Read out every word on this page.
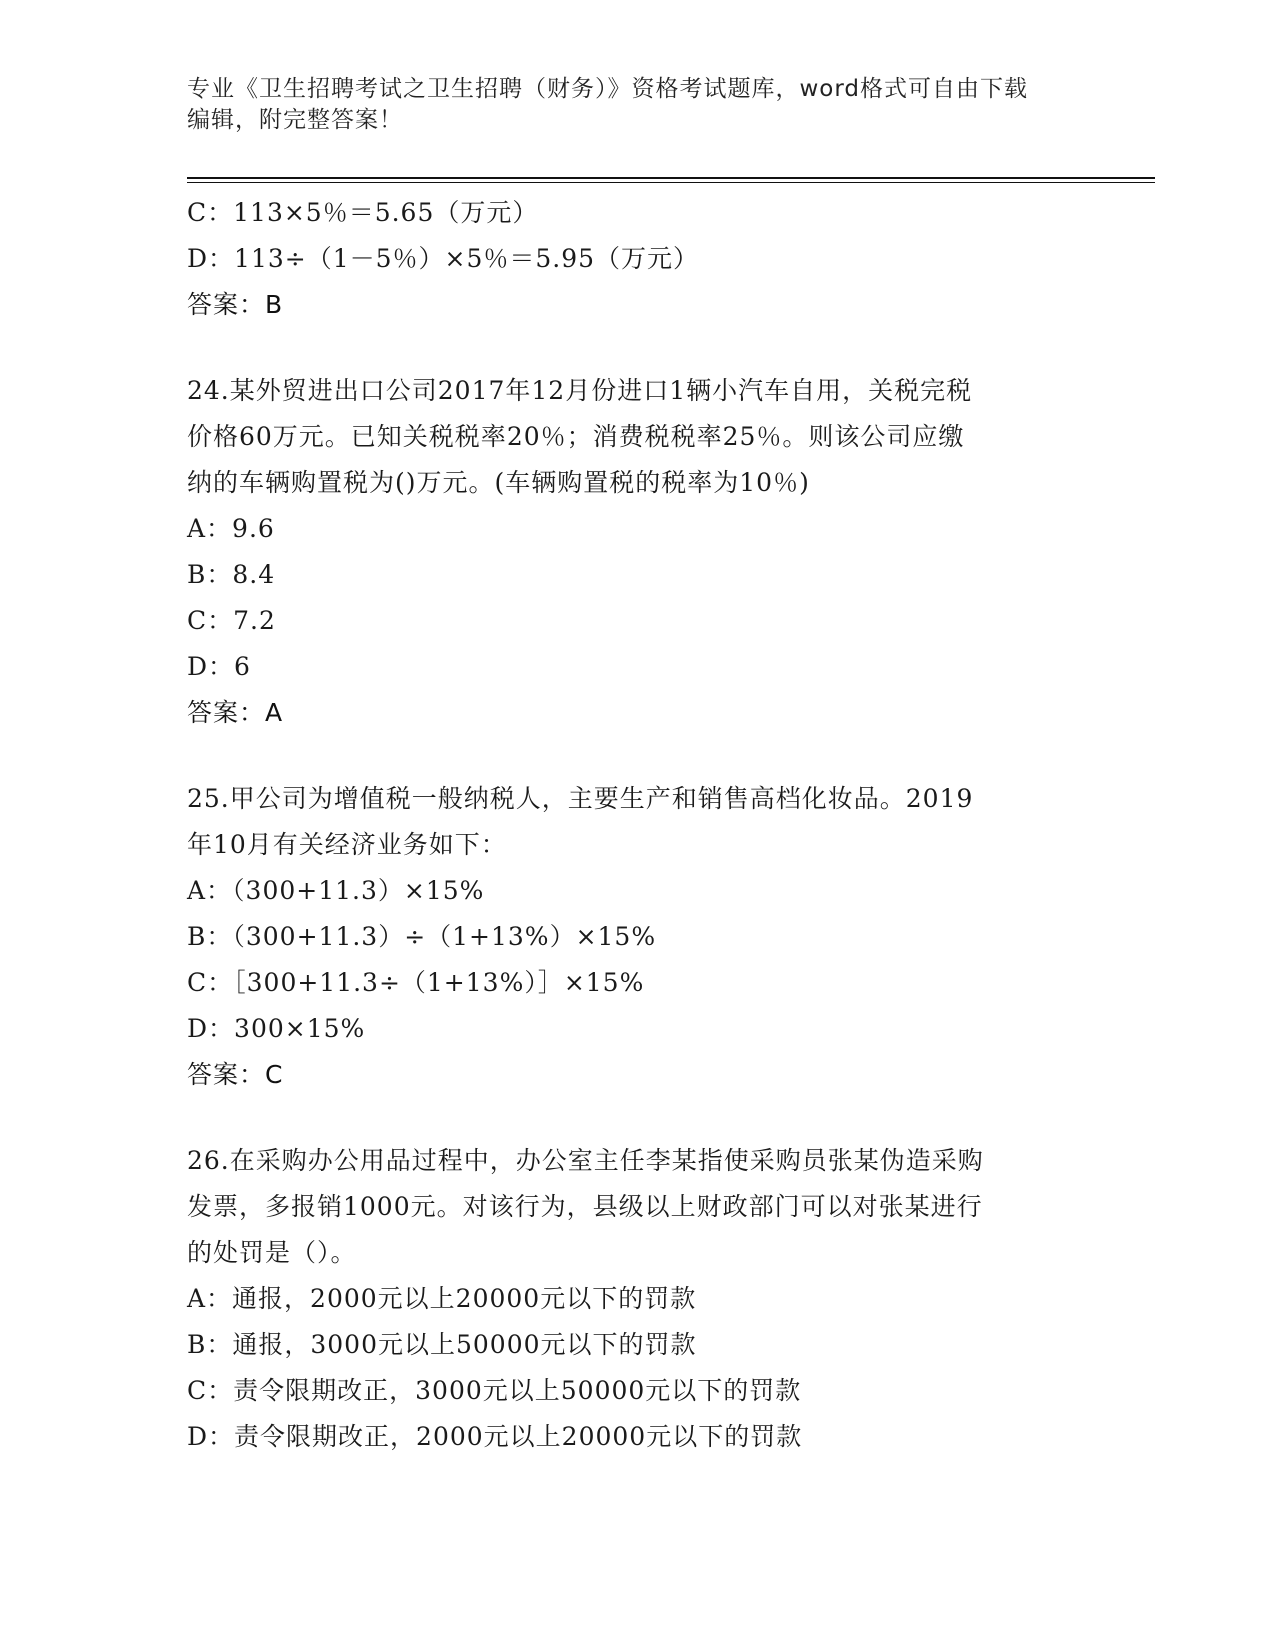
专业《卫生招聘考试之卫生招聘（财务）》资格考试题库，word格式可自由下载
编辑，附完整答案！
C：113×5％＝5.65（万元）
D：113÷（1－5％）×5％＝5.95（万元）
答案：B
24.某外贸进出口公司2017年12月份进口1辆小汽车自用，关税完税
价格60万元。已知关税税率20％；消费税税率25％。则该公司应缴
纳的车辆购置税为()万元。(车辆购置税的税率为10％)
A：9.6
B：8.4
C：7.2
D：6
答案：A
25.甲公司为增值税一般纳税人，主要生产和销售高档化妆品。2019
年10月有关经济业务如下：
A：（300+11.3）×15%
B：（300+11.3）÷（1+13%）×15%
C：［300+11.3÷（1+13%）］×15%
D：300×15%
答案：C
26.在采购办公用品过程中，办公室主任李某指使采购员张某伪造采购
发票，多报销1000元。对该行为，县级以上财政部门可以对张某进行
的处罚是（）。
A：通报，2000元以上20000元以下的罚款
B：通报，3000元以上50000元以下的罚款
C：责令限期改正，3000元以上50000元以下的罚款
D：责令限期改正，2000元以上20000元以下的罚款
